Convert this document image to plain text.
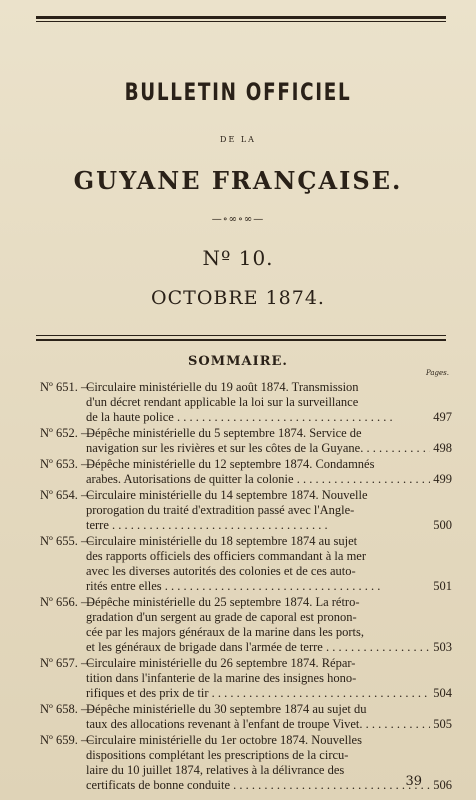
BULLETIN OFFICIEL
DE LA
GUYANE FRANÇAISE.
—∘∞∘∞—
Nº 10.
OCTOBRE 1874.
SOMMAIRE.
Pages.
Nº 651. —
Circulaire ministérielle du 19 août 1874. Transmission
d'un décret rendant applicable la loi sur la surveillance
de la haute police . . .	497
Nº 652. —
Dépêche ministérielle du 5 septembre 1874. Service de
navigation sur les rivières et sur les côtes de la Guyane. . . .	498
Nº 653. —
Dépêche ministérielle du 12 septembre 1874. Condamnés
arabes. Autorisations de quitter la colonie . . .	499
Nº 654. —
Circulaire ministérielle du 14 septembre 1874. Nouvelle
prorogation du traité d'extradition passé avec l'Angle-
terre . . .	500
Nº 655. —
Circulaire ministérielle du 18 septembre 1874 au sujet
des rapports officiels des officiers commandant à la mer
avec les diverses autorités des colonies et de ces auto-
rités entre elles . . .	501
Nº 656. —
Dépêche ministérielle du 25 septembre 1874. La rétro-
gradation d'un sergent au grade de caporal est pronon-
cée par les majors généraux de la marine dans les ports,
et les généraux de brigade dans l'armée de terre . . .	503
Nº 657. —
Circulaire ministérielle du 26 septembre 1874. Répar-
tition dans l'infanterie de la marine des insignes hono-
rifiques et des prix de tir . . .	504
Nº 658. —
Dépêche ministérielle du 30 septembre 1874 au sujet du
taux des allocations revenant à l'enfant de troupe Vivet. . . .	505
Nº 659. —
Circulaire ministérielle du 1er octobre 1874. Nouvelles
dispositions complétant les prescriptions de la circu-
laire du 10 juillet 1874, relatives à la délivrance des
certificats de bonne conduite . . .	506
39
